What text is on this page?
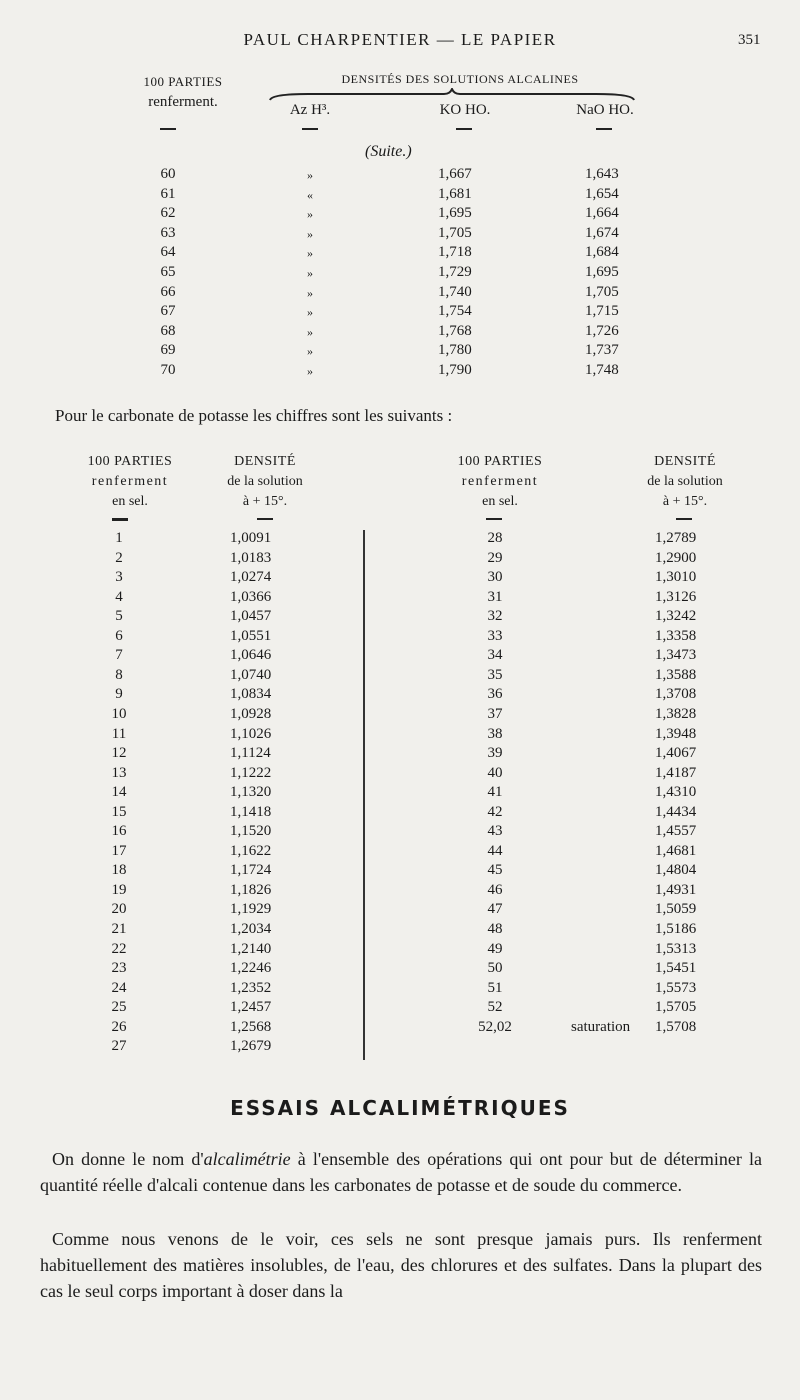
PAUL CHARPENTIER — LE PAPIER	351
100 PARTIES
renferment.
DENSITÉS DES SOLUTIONS ALCALINES
Az H³.	KO HO.	NaO HO.
(Suite.)
60	»	1,667	1,643
61	«	1,681	1,654
62	»	1,695	1,664
63	»	1,705	1,674
64	»	1,718	1,684
65	»	1,729	1,695
66	»	1,740	1,705
67	»	1,754	1,715
68	»	1,768	1,726
69	»	1,780	1,737
70	»	1,790	1,748
Pour le carbonate de potasse les chiffres sont les suivants :
100 PARTIES
renferment
en sel.
DENSITÉ
de la solution
à + 15°.
100 PARTIES
renferment
en sel.
DENSITÉ
de la solution
à + 15°.
1	1,0091
2	1,0183
3	1,0274
4	1,0366
5	1,0457
6	1,0551
7	1,0646
8	1,0740
9	1,0834
10	1,0928
11	1,1026
12	1,1124
13	1,1222
14	1,1320
15	1,1418
16	1,1520
17	1,1622
18	1,1724
19	1,1826
20	1,1929
21	1,2034
22	1,2140
23	1,2246
24	1,2352
25	1,2457
26	1,2568
27	1,2679
28	1,2789
29	1,2900
30	1,3010
31	1,3126
32	1,3242
33	1,3358
34	1,3473
35	1,3588
36	1,3708
37	1,3828
38	1,3948
39	1,4067
40	1,4187
41	1,4310
42	1,4434
43	1,4557
44	1,4681
45	1,4804
46	1,4931
47	1,5059
48	1,5186
49	1,5313
50	1,5451
51	1,5573
52	1,5705
52,02	saturation 1,5708
ESSAIS ALCALIMÉTRIQUES
On donne le nom d'alcalimétrie à l'ensemble des opérations qui ont pour but de déterminer la quantité réelle d'alcali contenue dans les carbonates de potasse et de soude du commerce.
Comme nous venons de le voir, ces sels ne sont presque jamais purs. Ils renferment habituellement des matières insolubles, de l'eau, des chlorures et des sulfates. Dans la plupart des cas le seul corps important à doser dans la
